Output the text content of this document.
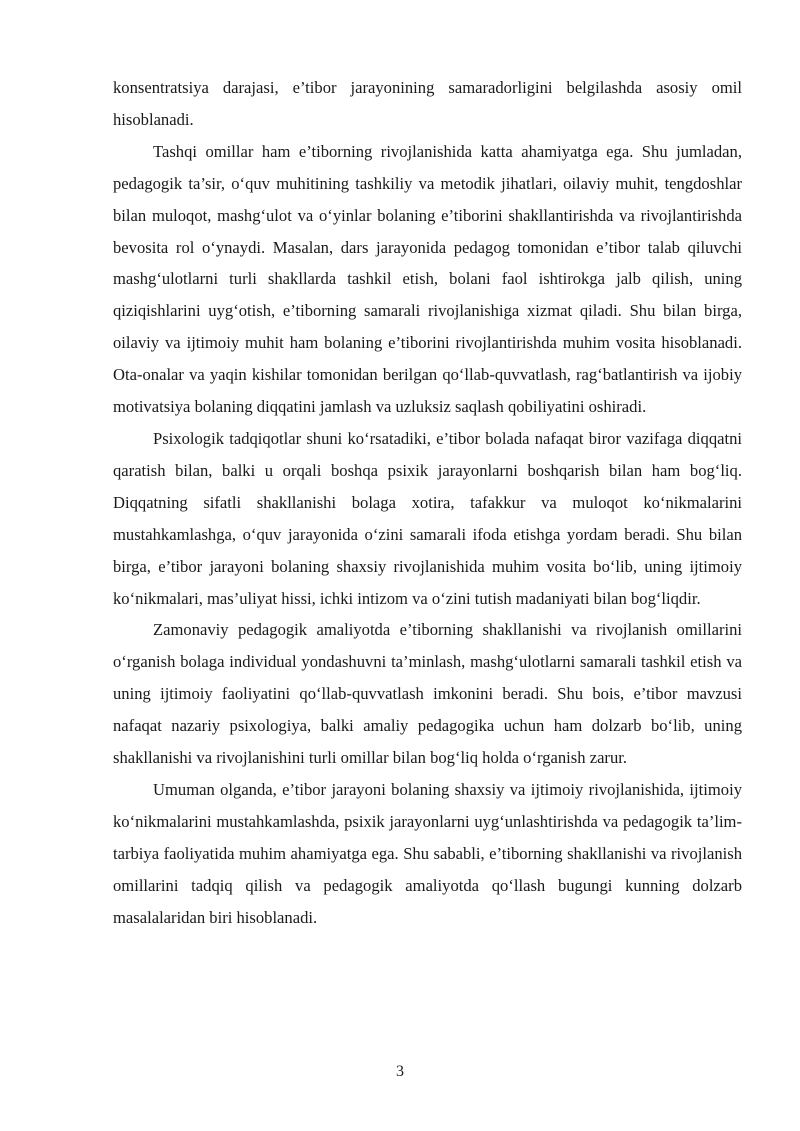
konsentratsiya darajasi, e’tibor jarayonining samaradorligini belgilashda asosiy omil hisoblanadi.

Tashqi omillar ham e’tiborning rivojlanishida katta ahamiyatga ega. Shu jumladan, pedagogik ta’sir, o‘quv muhitining tashkiliy va metodik jihatlari, oilaviy muhit, tengdoshlar bilan muloqot, mashg‘ulot va o‘yinlar bolaning e’tiborini shakllantirishda va rivojlantirishda bevosita rol o‘ynaydi. Masalan, dars jarayonida pedagog tomonidan e’tibor talab qiluvchi mashg‘ulotlarni turli shakllarda tashkil etish, bolani faol ishtirokga jalb qilish, uning qiziqishlarini uyg‘otish, e’tiborning samarali rivojlanishiga xizmat qiladi. Shu bilan birga, oilaviy va ijtimoiy muhit ham bolaning e’tiborini rivojlantirishda muhim vosita hisoblanadi. Ota-onalar va yaqin kishilar tomonidan berilgan qo‘llab-quvvatlash, rag‘batlantirish va ijobiy motivatsiya bolaning diqqatini jamlash va uzluksiz saqlash qobiliyatini oshiradi.

Psixologik tadqiqotlar shuni ko‘rsatadiki, e’tibor bolada nafaqat biror vazifaga diqqatni qaratish bilan, balki u orqali boshqa psixik jarayonlarni boshqarish bilan ham bog‘liq. Diqqatning sifatli shakllanishi bolaga xotira, tafakkur va muloqot ko‘nikmalarini mustahkamlashga, o‘quv jarayonida o‘zini samarali ifoda etishga yordam beradi. Shu bilan birga, e’tibor jarayoni bolaning shaxsiy rivojlanishida muhim vosita bo‘lib, uning ijtimoiy ko‘nikmalari, mas’uliyat hissi, ichki intizom va o‘zini tutish madaniyati bilan bog‘liqdir.

Zamonaviy pedagogik amaliyotda e’tiborning shakllanishi va rivojlanish omillarini o‘rganish bolaga individual yondashuvni ta’minlash, mashg‘ulotlarni samarali tashkil etish va uning ijtimoiy faoliyatini qo‘llab-quvvatlash imkonini beradi. Shu bois, e’tibor mavzusi nafaqat nazariy psixologiya, balki amaliy pedagogika uchun ham dolzarb bo‘lib, uning shakllanishi va rivojlanishini turli omillar bilan bog‘liq holda o‘rganish zarur.

Umuman olganda, e’tibor jarayoni bolaning shaxsiy va ijtimoiy rivojlanishida, ijtimoiy ko‘nikmalarini mustahkamlashda, psixik jarayonlarni uyg‘unlashtirishda va pedagogik ta’lim-tarbiya faoliyatida muhim ahamiyatga ega. Shu sababli, e’tiborning shakllanishi va rivojlanish omillarini tadqiq qilish va pedagogik amaliyotda qo‘llash bugungi kunning dolzarb masalalaridan biri hisoblanadi.

3
